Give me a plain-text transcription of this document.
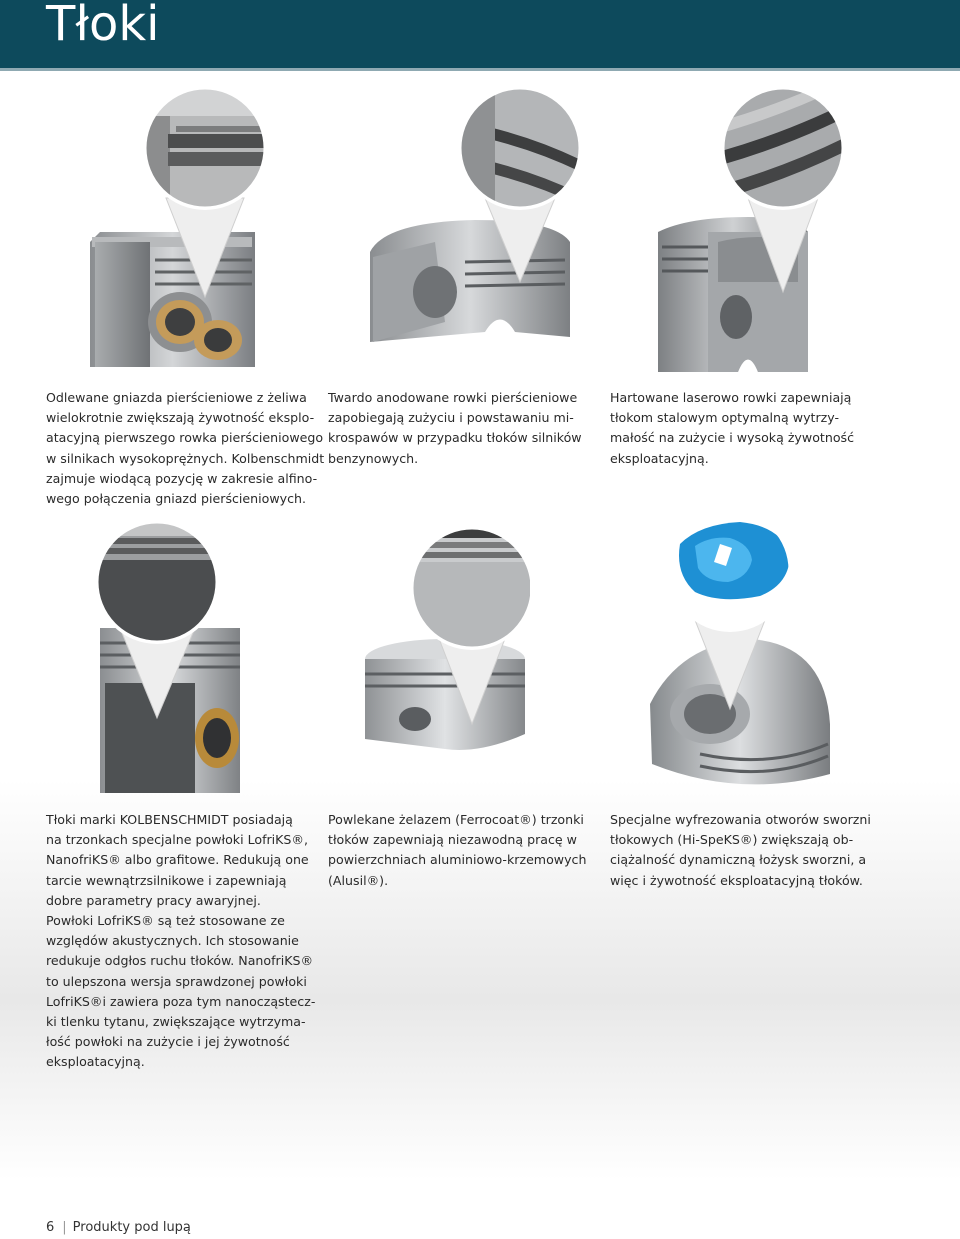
Tłoki

Odlewane gniazda pierścieniowe z żeliwa
wielokrotnie zwiększają żywotność eksplo-
atacyjną pierwszego rowka pierścieniowego
w silnikach wysokoprężnych. Kolbenschmidt
zajmuje wiodącą pozycję w zakresie alfino-
wego połączenia gniazd pierścieniowych.

Twardo anodowane rowki pierścieniowe
zapobiegają zużyciu i powstawaniu mi-
krospawów w przypadku tłoków silników
benzynowych.

Hartowane laserowo rowki zapewniają
tłokom stalowym optymalną wytrzy-
małość na zużycie i wysoką żywotność
eksploatacyjną.

Tłoki marki KOLBENSCHMIDT posiadają
na trzonkach specjalne powłoki LofriKS®,
NanofriKS® albo grafitowe. Redukują one
tarcie wewnątrzsilnikowe i zapewniają
dobre parametry pracy awaryjnej.
Powłoki LofriKS® są też stosowane ze
względów akustycznych. Ich stosowanie
redukuje odgłos ruchu tłoków. NanofriKS®
to ulepszona wersja sprawdzonej powłoki
LofriKS®i zawiera poza tym nanocząstecz-
ki tlenku tytanu, zwiększające wytrzyma-
łość powłoki na zużycie i jej żywotność
eksploatacyjną.

Powlekane żelazem (Ferrocoat®) trzonki
tłoków zapewniają niezawodną pracę w
powierzchniach aluminiowo-krzemowych
(Alusil®).

Specjalne wyfrezowania otworów sworzni
tłokowych (Hi-SpeKS®) zwiększają ob-
ciążalność dynamiczną łożysk sworzni, a
więc i żywotność eksploatacyjną tłoków.

6 | Produkty pod lupą
